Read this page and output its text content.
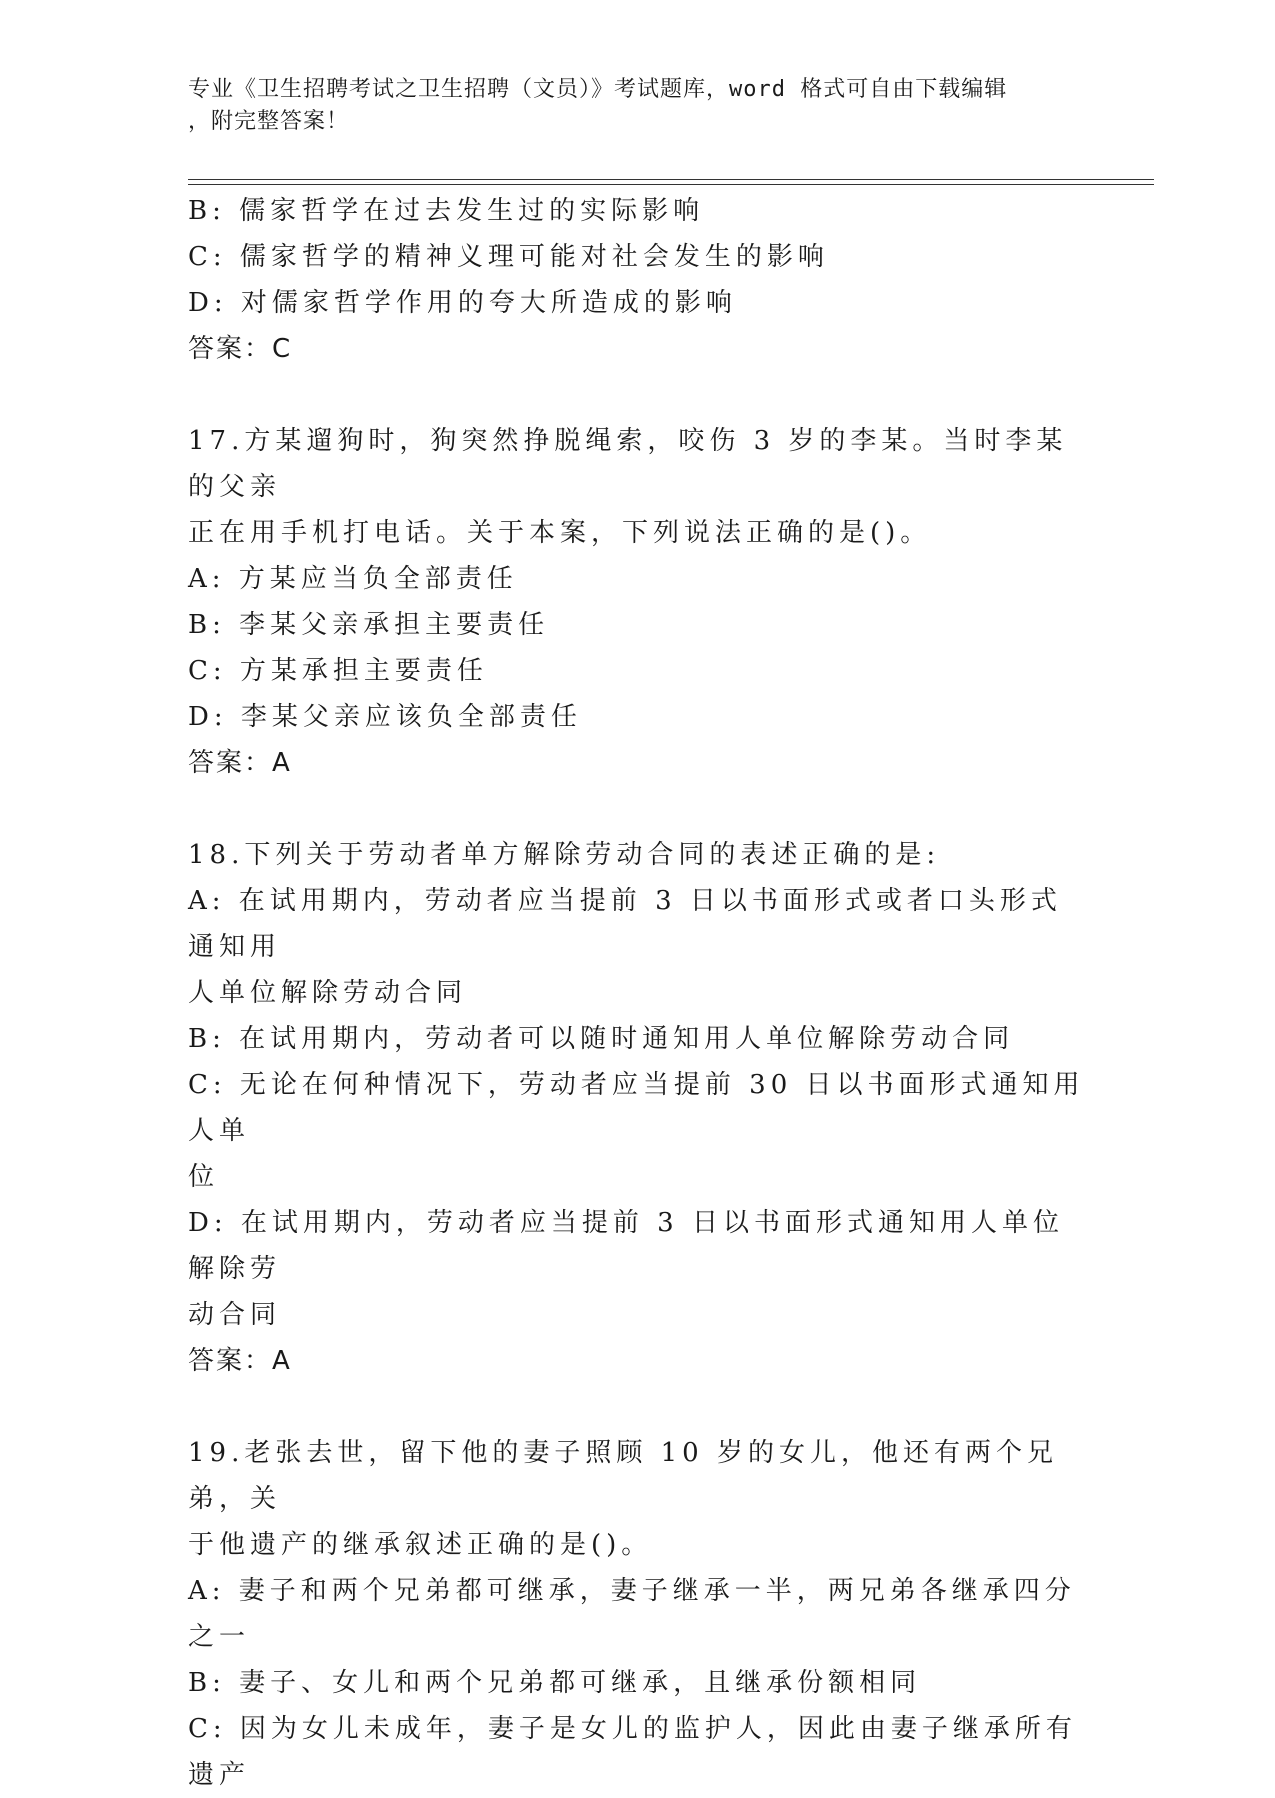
专业《卫生招聘考试之卫生招聘（文员）》考试题库，word 格式可自由下载编辑
，附完整答案！

B: 儒家哲学在过去发生过的实际影响

C: 儒家哲学的精神义理可能对社会发生的影响

D: 对儒家哲学作用的夸大所造成的影响

答案：C

17.方某遛狗时，狗突然挣脱绳索，咬伤 3 岁的李某。当时李某的父亲

正在用手机打电话。关于本案，下列说法正确的是()。

A: 方某应当负全部责任

B: 李某父亲承担主要责任

C: 方某承担主要责任

D: 李某父亲应该负全部责任

答案：A

18.下列关于劳动者单方解除劳动合同的表述正确的是:

A: 在试用期内，劳动者应当提前 3 日以书面形式或者口头形式通知用

人单位解除劳动合同

B: 在试用期内，劳动者可以随时通知用人单位解除劳动合同

C: 无论在何种情况下，劳动者应当提前 30 日以书面形式通知用人单

位

D: 在试用期内，劳动者应当提前 3 日以书面形式通知用人单位解除劳

动合同

答案：A

19.老张去世，留下他的妻子照顾 10 岁的女儿，他还有两个兄弟，关

于他遗产的继承叙述正确的是()。

A: 妻子和两个兄弟都可继承，妻子继承一半，两兄弟各继承四分之一

B: 妻子、女儿和两个兄弟都可继承，且继承份额相同

C: 因为女儿未成年，妻子是女儿的监护人，因此由妻子继承所有遗产
